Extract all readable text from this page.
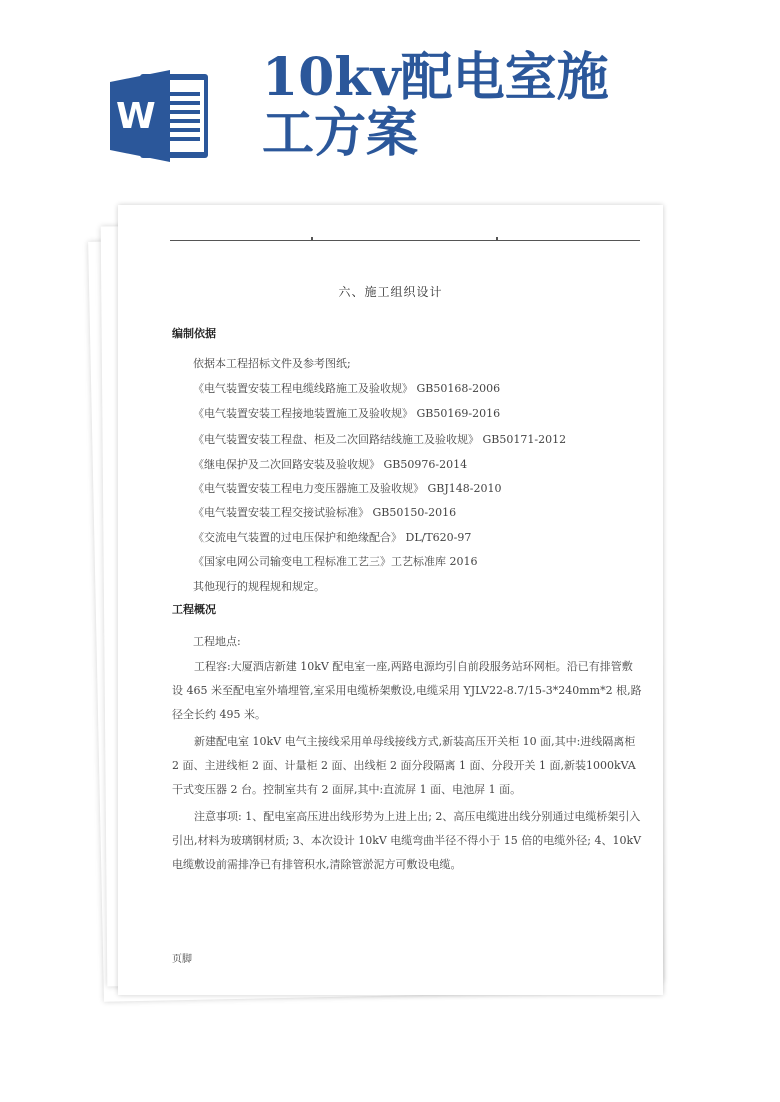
W
10kv配电室施
工方案
六、施工组织设计
编制依据
依据本工程招标文件及参考图纸;
《电气装置安装工程电缆线路施工及验收规》 GB50168-2006
《电气装置安装工程接地装置施工及验收规》 GB50169-2016
《电气装置安装工程盘、柜及二次回路结线施工及验收规》 GB50171-2012
《继电保护及二次回路安装及验收规》 GB50976-2014
《电气装置安装工程电力变压器施工及验收规》 GBJ148-2010
《电气装置安装工程交接试验标准》 GB50150-2016
《交流电气装置的过电压保护和绝缘配合》 DL/T620-97
《国家电网公司输变电工程标准工艺三》工艺标准库 2016
其他现行的规程规和规定。
工程概况
工程地点:
工程容:大厦酒店新建 10kV 配电室一座,两路电源均引自前段服务站环网柜。沿已有排管敷设 465 米至配电室外墙埋管,室采用电缆桥架敷设,电缆采用 YJLV22-8.7/15-3*240mm*2 根,路径全长约 495 米。
新建配电室 10kV 电气主接线采用单母线接线方式,新装高压开关柜 10 面,其中:进线隔离柜 2 面、主进线柜 2 面、计量柜 2 面、出线柜 2 面分段隔离 1 面、分段开关 1 面,新装1000kVA 干式变压器 2 台。控制室共有 2 面屏,其中:直流屏 1 面、电池屏 1 面。
注意事项: 1、配电室高压进出线形势为上进上出; 2、高压电缆进出线分别通过电缆桥架引入引出,材料为玻璃钢材质; 3、本次设计 10kV 电缆弯曲半径不得小于 15 倍的电缆外径; 4、10kV 电缆敷设前需排净已有排管积水,清除管淤泥方可敷设电缆。
页脚
